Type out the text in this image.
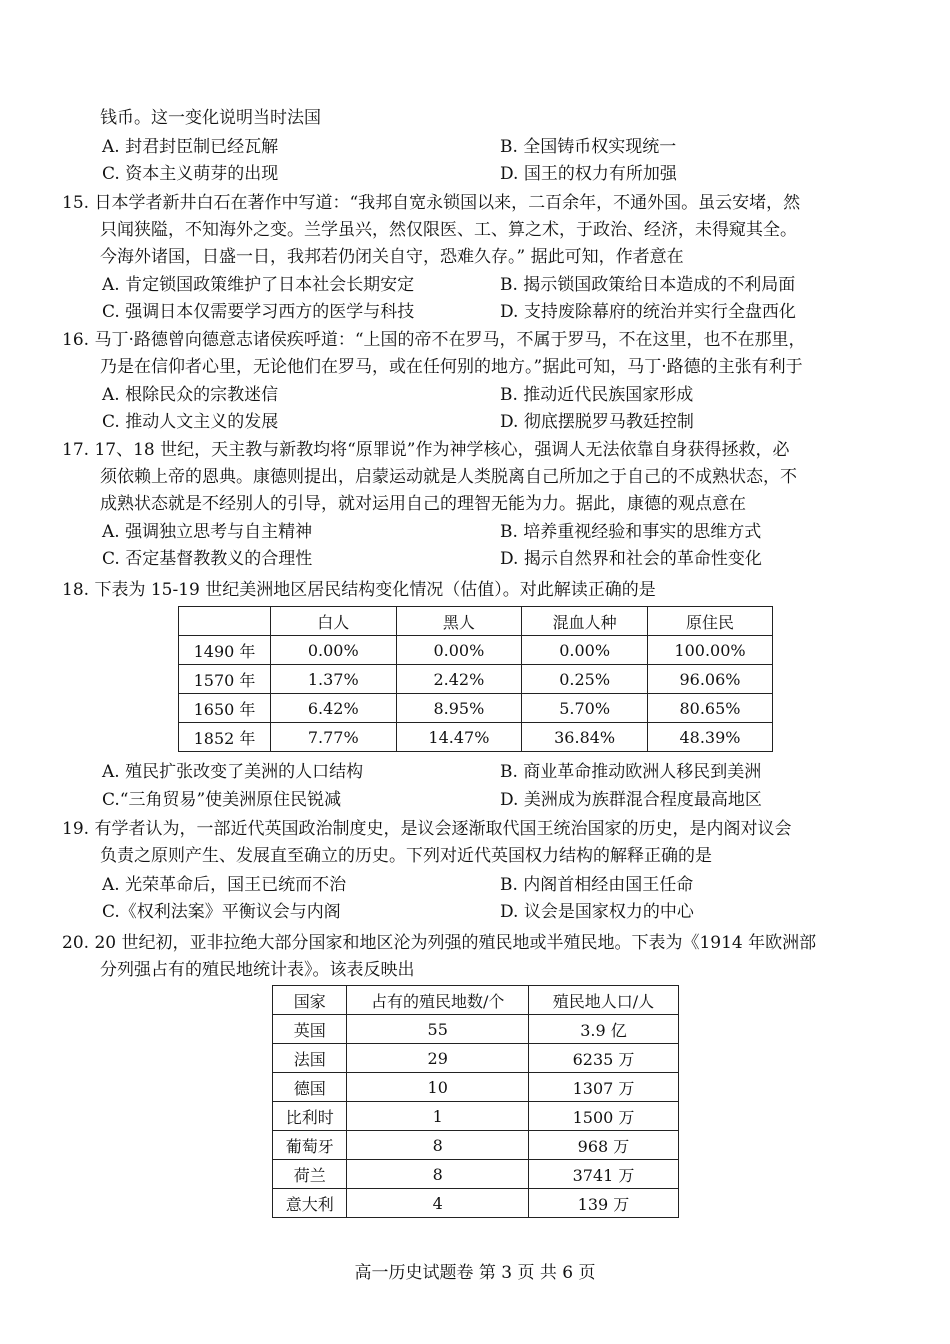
钱币。这一变化说明当时法国
A. 封君封臣制已经瓦解	B. 全国铸币权实现统一
C. 资本主义萌芽的出现	D. 国王的权力有所加强
15. 日本学者新井白石在著作中写道：“我邦自宽永锁国以来，二百余年，不通外国。虽云安堵，然
只闻狭隘，不知海外之变。兰学虽兴，然仅限医、工、算之术，于政治、经济，未得窥其全。
今海外诸国，日盛一日，我邦若仍闭关自守，恐难久存。” 据此可知，作者意在
A. 肯定锁国政策维护了日本社会长期安定	B. 揭示锁国政策给日本造成的不利局面
C. 强调日本仅需要学习西方的医学与科技	D. 支持废除幕府的统治并实行全盘西化
16. 马丁·路德曾向德意志诸侯疾呼道：“上国的帝不在罗马，不属于罗马，不在这里，也不在那里，
乃是在信仰者心里，无论他们在罗马，或在任何别的地方。”据此可知，马丁·路德的主张有利于
A. 根除民众的宗教迷信	B. 推动近代民族国家形成
C. 推动人文主义的发展	D. 彻底摆脱罗马教廷控制
17. 17、18 世纪，天主教与新教均将“原罪说”作为神学核心，强调人无法依靠自身获得拯救，必
须依赖上帝的恩典。康德则提出，启蒙运动就是人类脱离自己所加之于自己的不成熟状态，不
成熟状态就是不经别人的引导，就对运用自己的理智无能为力。据此，康德的观点意在
A. 强调独立思考与自主精神	B. 培养重视经验和事实的思维方式
C. 否定基督教教义的合理性	D. 揭示自然界和社会的革命性变化
18. 下表为 15-19 世纪美洲地区居民结构变化情况（估值）。对此解读正确的是
	白人	黑人	混血人种	原住民
1490 年	0.00%	0.00%	0.00%	100.00%
1570 年	1.37%	2.42%	0.25%	96.06%
1650 年	6.42%	8.95%	5.70%	80.65%
1852 年	7.77%	14.47%	36.84%	48.39%
A. 殖民扩张改变了美洲的人口结构	B. 商业革命推动欧洲人移民到美洲
C.“三角贸易”使美洲原住民锐减	D. 美洲成为族群混合程度最高地区
19. 有学者认为，一部近代英国政治制度史，是议会逐渐取代国王统治国家的历史，是内阁对议会
负责之原则产生、发展直至确立的历史。下列对近代英国权力结构的解释正确的是
A. 光荣革命后，国王已统而不治	B. 内阁首相经由国王任命
C.《权利法案》平衡议会与内阁	D. 议会是国家权力的中心
20. 20 世纪初，亚非拉绝大部分国家和地区沦为列强的殖民地或半殖民地。下表为《1914 年欧洲部
分列强占有的殖民地统计表》。该表反映出
国家	占有的殖民地数/个	殖民地人口/人
英国	55	3.9 亿
法国	29	6235 万
德国	10	1307 万
比利时	1	1500 万
葡萄牙	8	968 万
荷兰	8	3741 万
意大利	4	139 万
高一历史试题卷 第 3 页 共 6 页
